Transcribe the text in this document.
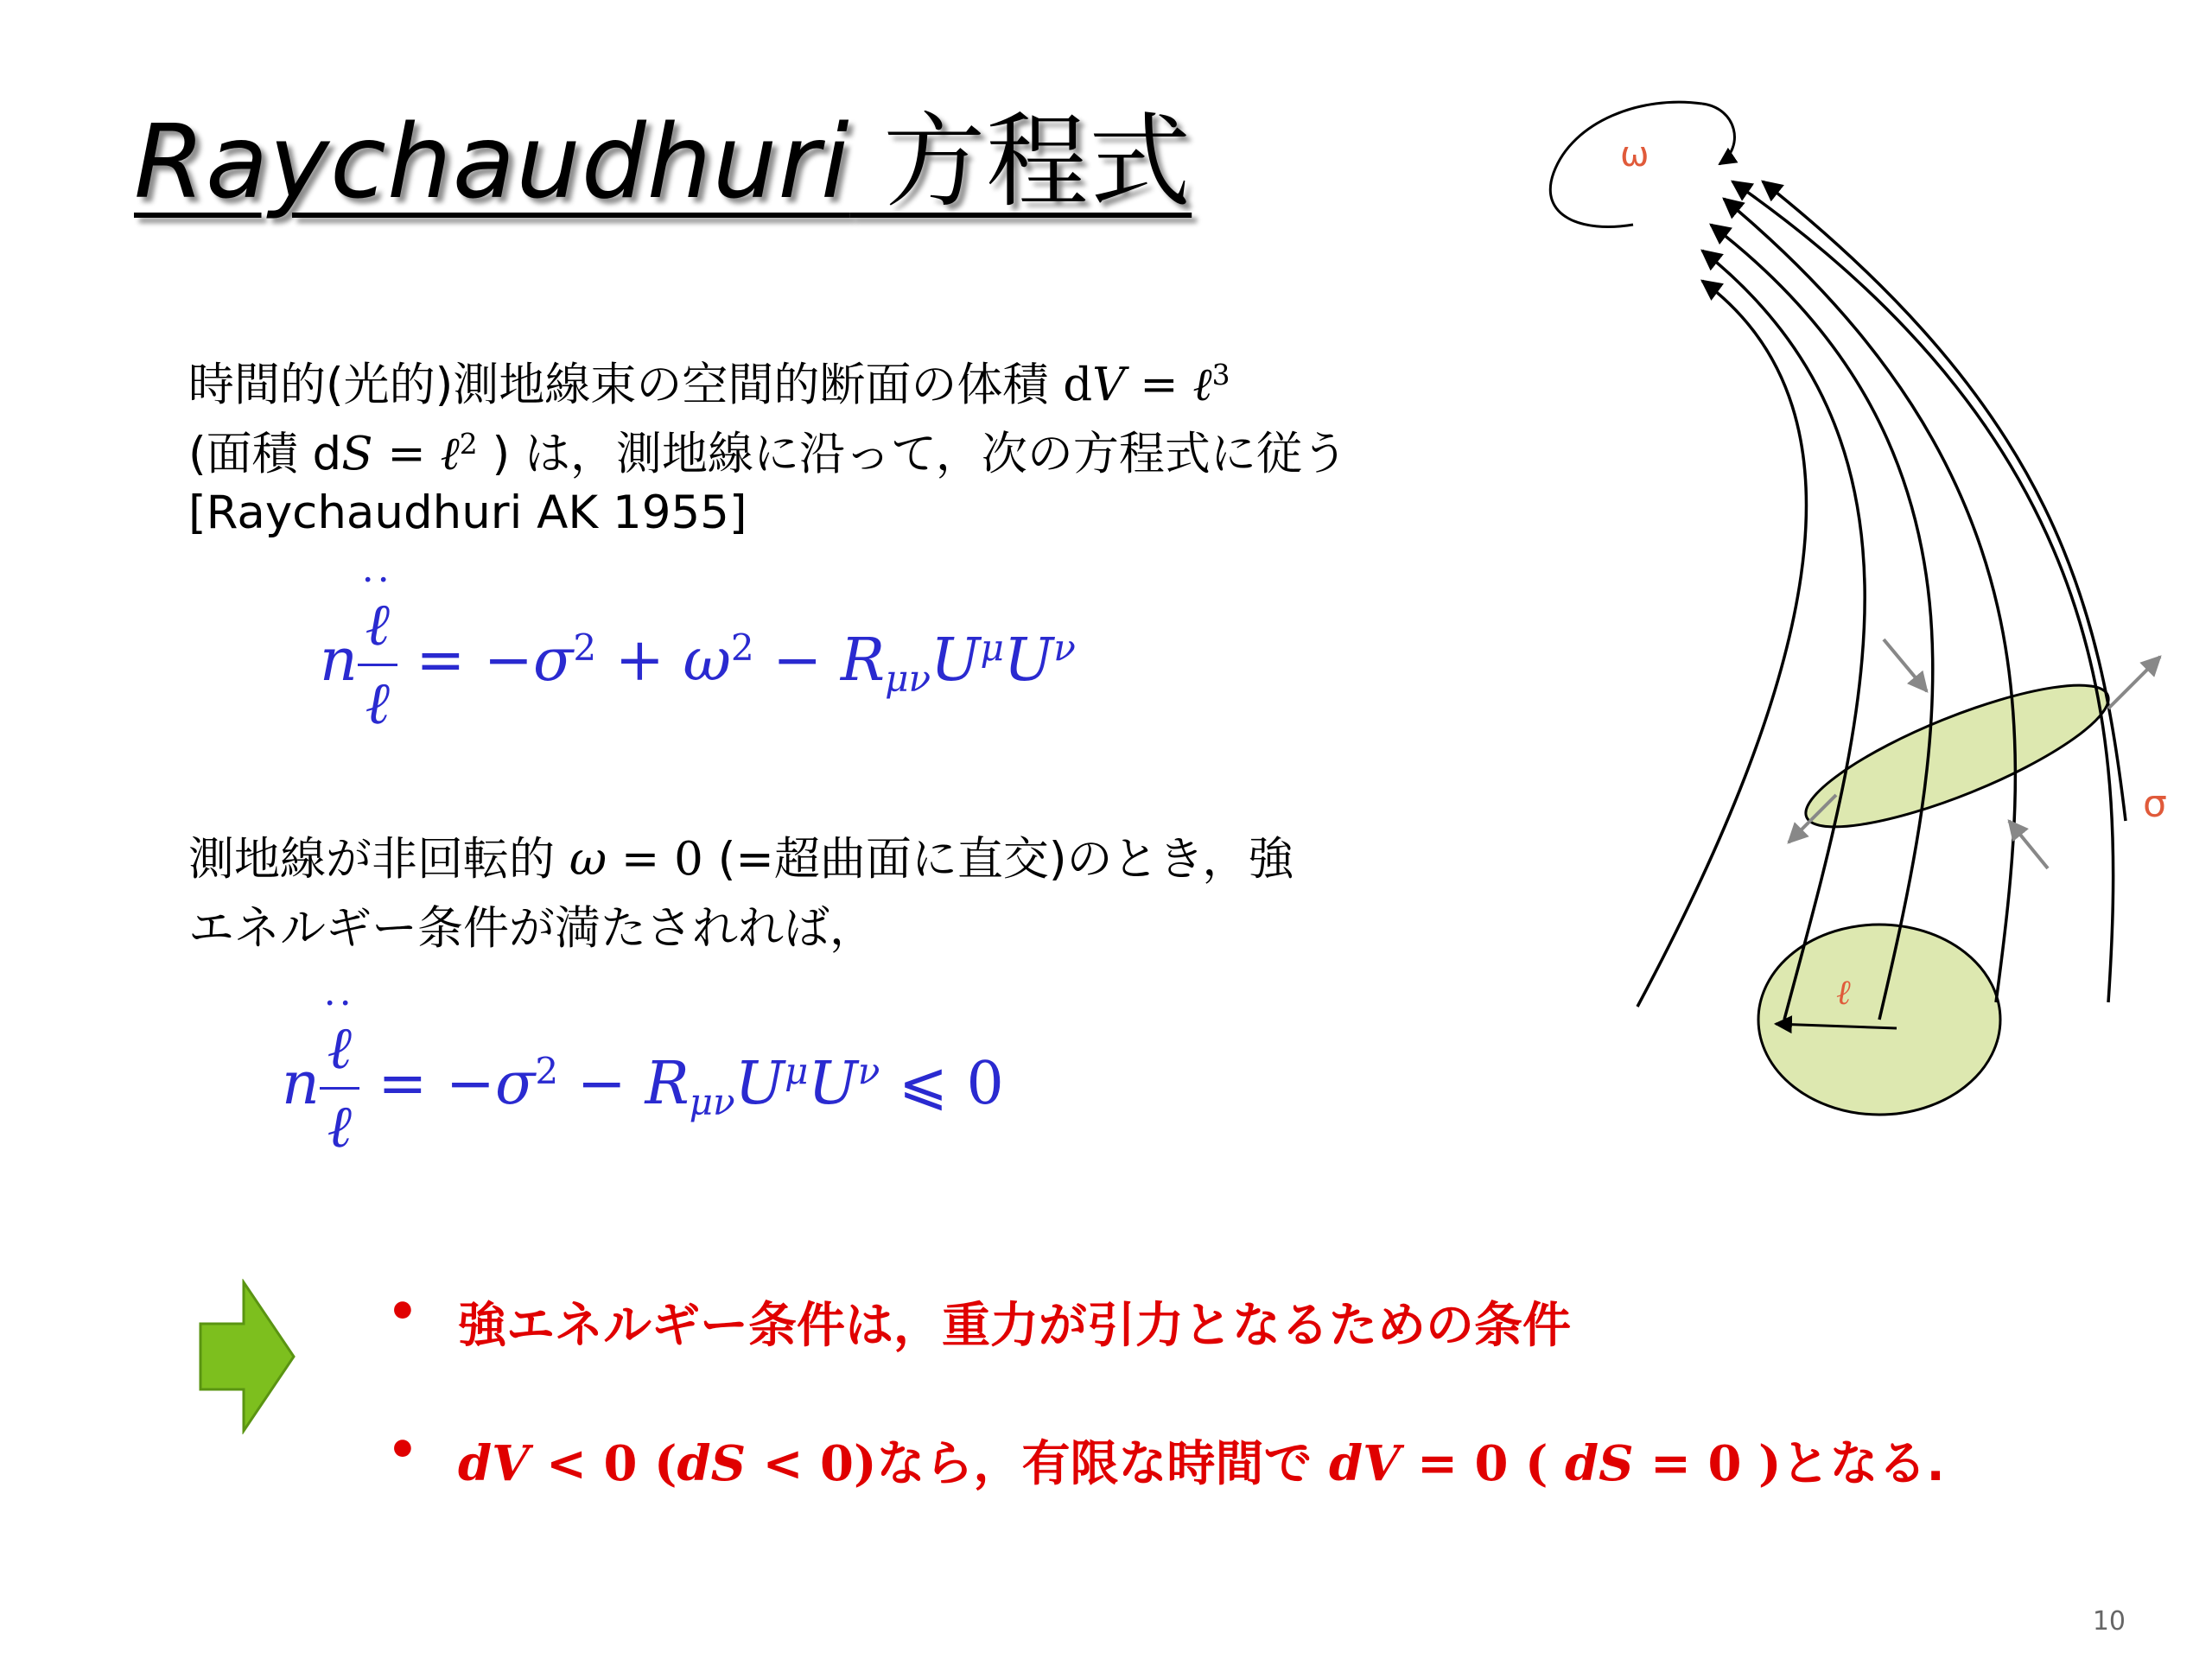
Raychaudhuri 方程式
時間的(光的)測地線束の空間的断面の体積 dV = ℓ$^3$
(面積 dS = ℓ$^2$ ) は，測地線に沿って，次の方程式に従う
[Raychaudhuri AK 1955]
n ··
ℓ
ℓ = $-\sigma^2 + \omega^2 - R_{\mu\nu}U^\mu U^\nu$
測地線が非回転的 ω = 0 (=超曲面に直交)のとき，強
エネルギー条件が満たされれば，
n ··
ℓ
ℓ = $-\sigma^2 - R_{\mu\nu}U^\mu U^\nu$ ⩽ 0
• 強エネルギー条件は，重力が引力となるための条件
• dV < 0 (dS < 0)なら，有限な時間で dV = 0 ( dS = 0 )となる.
ω
ℓ
σ
10
